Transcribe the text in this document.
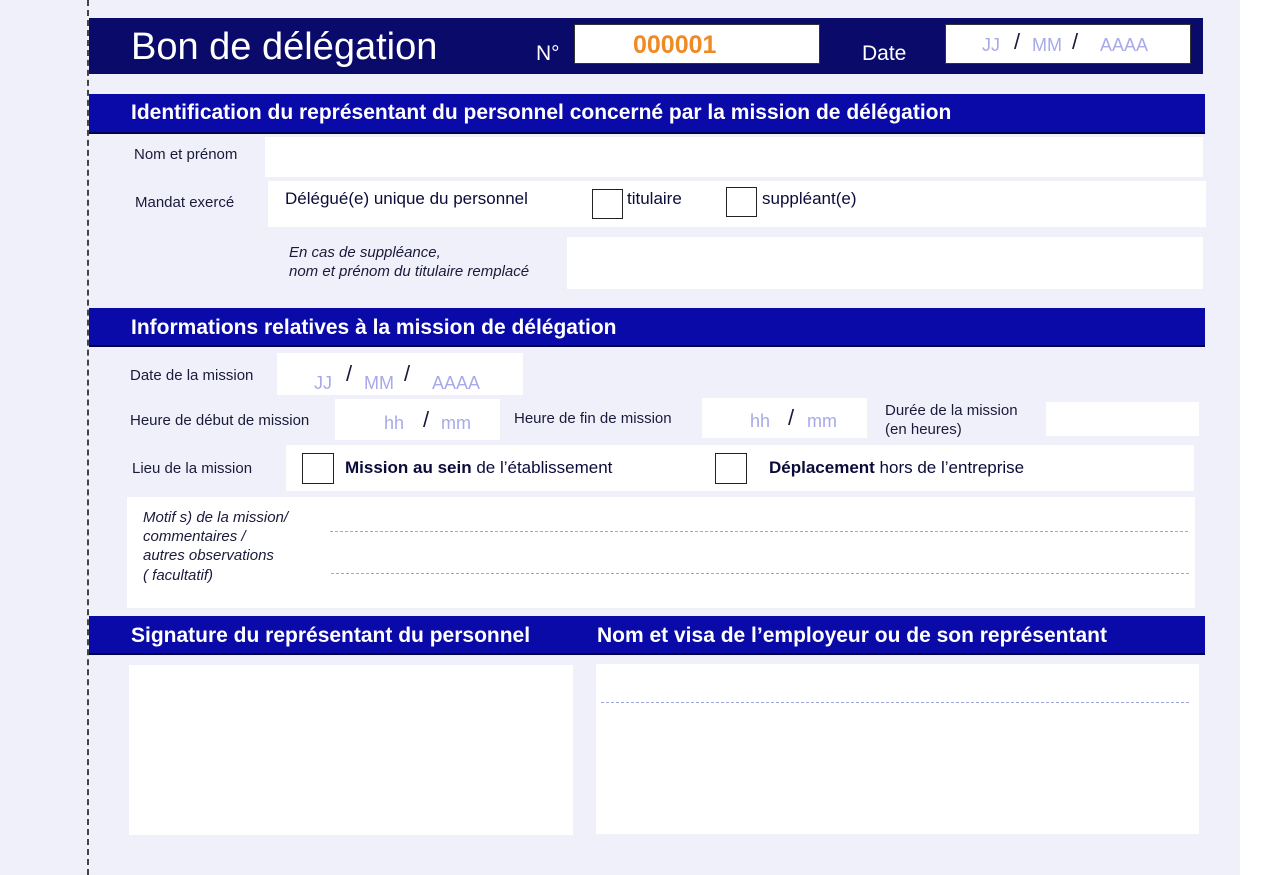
Bon de délégation	N°	000001	Date	JJ / MM / AAAA
Identification du représentant du personnel concerné par la mission de délégation
Nom et prénom
Mandat exercé	Délégué(e) unique du personnel	titulaire	suppléant(e)
En cas de suppléance,
nom et prénom du titulaire remplacé
Informations relatives à la mission de délégation
Date de la mission	JJ / MM / AAAA
Heure de début de mission	hh / mm	Heure de fin de mission	hh / mm
Durée de la mission
(en heures)
Lieu de la mission	Mission au sein de l’établissement	Déplacement hors de l’entreprise
Motif s) de la mission/
commentaires /
autres observations
( facultatif)
Signature du représentant du personnel	Nom et visa de l’employeur ou de son représentant
